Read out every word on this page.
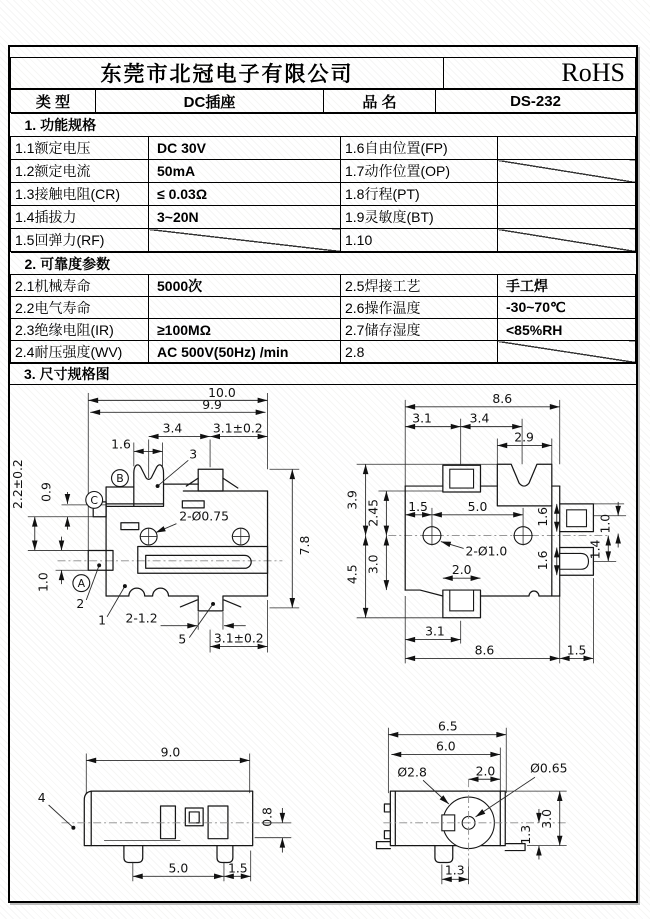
东莞市北冠电子有限公司	RoHS
类 型	DC插座	品 名	DS-232
1. 功能规格			
1.1额定电压	DC 30V	1.6自由位置(FP)	
1.2额定电流	50mA	1.7动作位置(OP)	
1.3接触电阻(CR)	≤ 0.03Ω	1.8行程(PT)	
1.4插拔力	3~20N	1.9灵敏度(BT)	
1.5回弹力(RF)		1.10	
2. 可靠度参数			
2.1机械寿命	5000次	2.5焊接工艺	手工焊
2.2电气寿命		2.6操作温度	-30~70℃
2.3绝缘电阻(IR)	≥100MΩ	2.7储存湿度	<85%RH
2.4耐压强度(WV)	AC 500V(50Hz) /min	2.8	
3. 尺寸规格图
10.0
9.9
3.4 3.1±0.2
1.6
3
B
C
A
2.2±0.2 0.9
1.0
2-Ø0.75
2
1 2-1.2
5 3.1±0.2
7.8
8.6
3.1	3.4
2.9
3.9 2.45 1.5	5.0
2-Ø1.0
4.5
3.0	2.0
1.6
1.6
1.0
1.4
3.1
8.6	1.5
9.0
4
0.8
5.0	1.5
6.5
6.0
Ø2.8	Ø0.65
2.0
3.0
1.3
1.3
